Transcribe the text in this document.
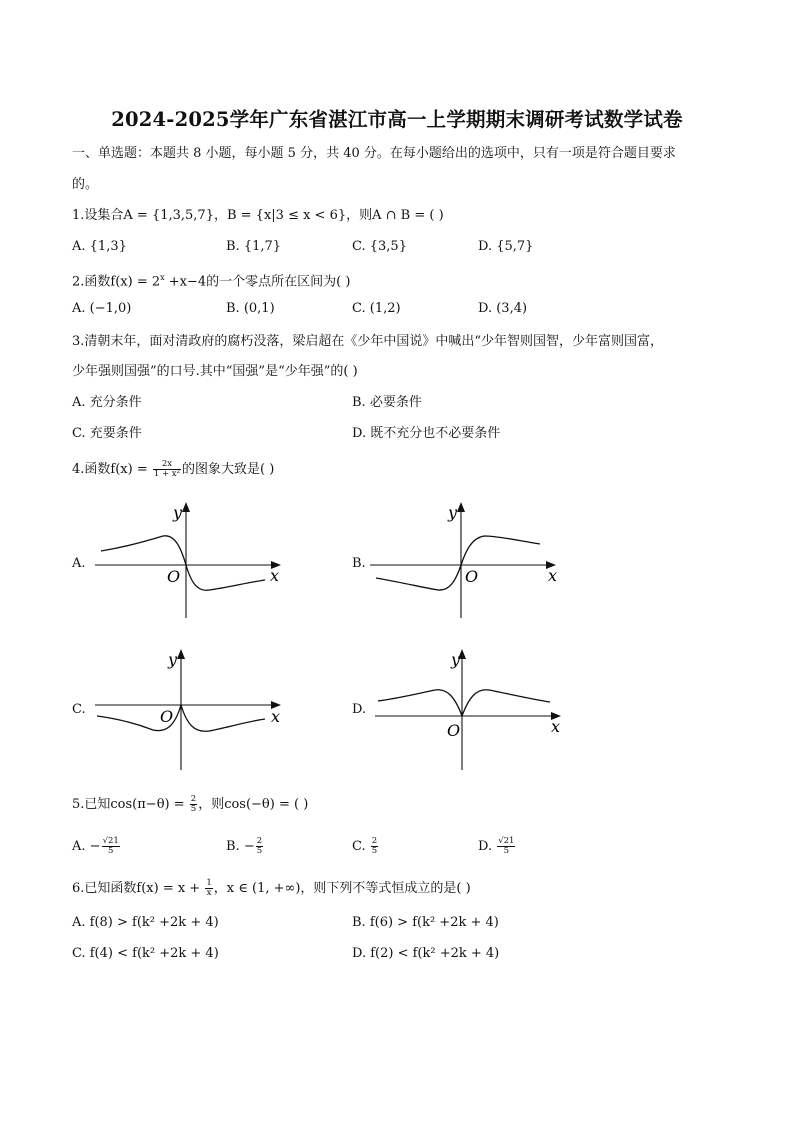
2024-2025学年广东省湛江市高一上学期期末调研考试数学试卷
一、单选题：本题共 8 小题，每小题 5 分，共 40 分。在每小题给出的选项中，只有一项是符合题目要求
的。
1.设集合A = {1,3,5,7}，B = {x|3 ≤ x < 6}，则A ∩ B = ( )
A. {1,3}	B. {1,7}	C. {3,5}	D. {5,7}
2.函数$f(x) = 2^x +x-4$的一个零点所在区间为( )
A. (−1,0)	B. (0,1)	C. (1,2)	D. (3,4)
3.清朝末年，面对清政府的腐朽没落，梁启超在《少年中国说》中喊出“少年智则国智，少年富则国富，
少年强则国强”的口号.其中“国强”是“少年强”的( )
A. 充分条件	B. 必要条件
C. 充要条件	D. 既不充分也不必要条件
4.函数$f(x) = \frac{2x}{\text{1 + x²}}$ 的图象大致是( )
A.	B.
C.	D.
y
x
O
y
x
O
y
x
O
y
x
O
5.已知$\cos(\pi-\theta) = \frac{2}{5}$ ，则cos(−θ) = ( )
A. − $\frac{√21}{5}$	B. − $\frac{2}{5}$	C. $\frac{2}{5}$	D. $\frac{√21}{5}$
6.已知函数$f(x) = x + \frac{1}{x}$ ，x ∈ (1, +∞)，则下列不等式恒成立的是( )
A. f(8) > f(k² +2k + 4)	B. f(6) > f(k² +2k + 4)
C. f(4) < f(k² +2k + 4)	D. f(2) < f(k² +2k + 4)
